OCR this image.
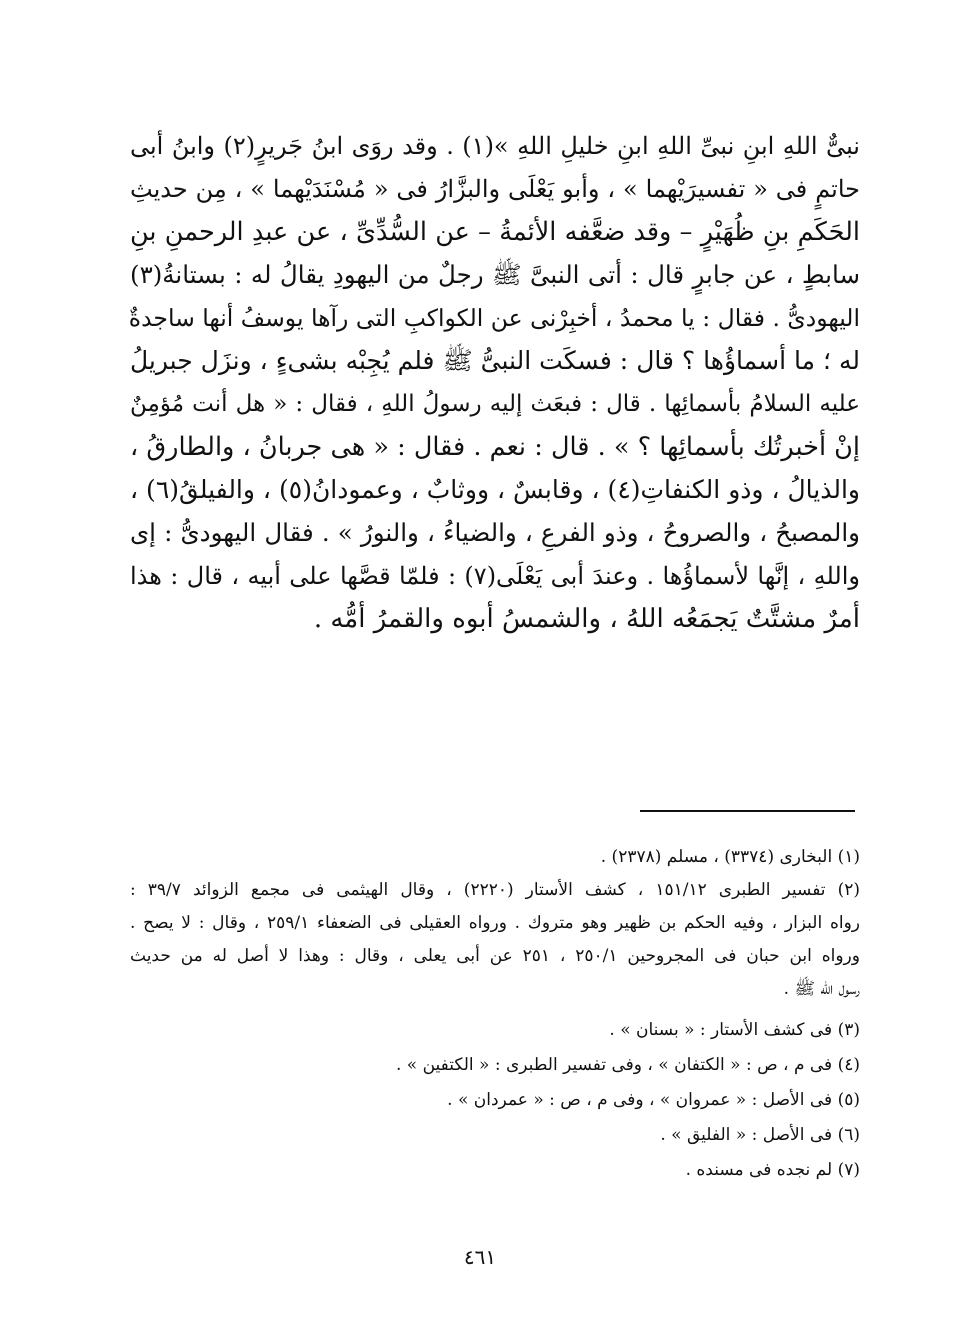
نبىٌّ اللهِ ابنِ نبىِّ اللهِ ابنِ خليلِ اللهِ »(١) . وقد روَى ابنُ جَريرٍ(٢) وابنُ أبى
حاتمٍ فى « تفسيرَيْهما » ، وأبو يَعْلَى والبزَّارُ فى « مُسْنَدَيْهما » ، مِن حديثِ
الحَكَمِ بنِ ظُهَيْرٍ – وقد ضعَّفه الأئمةُ – عن السُّدِّىِّ ، عن عبدِ الرحمنِ بنِ
سابطٍ ، عن جابرٍ قال : أتى النبىَّ ﷺ رجلٌ من اليهودِ يقالُ له : بستانةُ(٣)
اليهودىُّ . فقال : يا محمدُ ، أخبِرْنى عن الكواكبِ التى رآها يوسفُ أنها ساجدةٌ
له ؛ ما أسماؤُها ؟ قال : فسكَت النبىُّ ﷺ فلم يُجِبْه بشىءٍ ، ونزَل جبريلُ
عليه السلامُ بأسمائِها . قال : فبعَث إليه رسولُ اللهِ ، فقال : « هل أنت مُؤمِنٌ
إنْ أخبرتُك بأسمائِها ؟ » . قال : نعم . فقال : « هى جربانُ ، والطارقُ ،
والذيالُ ، وذو الكنفاتِ(٤) ، وقابسٌ ، ووثابٌ ، وعمودانُ(٥) ، والفيلقُ(٦) ،
والمصبحُ ، والصروحُ ، وذو الفرعِ ، والضياءُ ، والنورُ » . فقال اليهودىُّ : إى
واللهِ ، إنَّها لأسماؤُها . وعندَ أبى يَعْلَى(٧) : فلمّا قصَّها على أبيه ، قال : هذا
أمرٌ مشتَّتٌ يَجمَعُه اللهُ ، والشمسُ أبوه والقمرُ أمُّه .
(١) البخارى (٣٣٧٤) ، مسلم (٢٣٧٨) .
(٢) تفسير الطبرى ١٥١/١٢ ، كشف الأستار (٢٢٢٠) ، وقال الهيثمى فى مجمع الزوائد ٣٩/٧ :
رواه البزار ، وفيه الحكم بن ظهير وهو متروك . ورواه العقيلى فى الضعفاء ٢٥٩/١ ، وقال : لا يصح .
ورواه ابن حبان فى المجروحين ٢٥٠/١ ، ٢٥١ عن أبى يعلى ، وقال : وهذا لا أصل له من حديث
رسول الله ﷺ .
(٣) فى كشف الأستار : « بسنان » .
(٤) فى م ، ص : « الكتفان » ، وفى تفسير الطبرى : « الكتفين » .
(٥) فى الأصل : « عمروان » ، وفى م ، ص : « عمردان » .
(٦) فى الأصل : « الفليق » .
(٧) لم نجده فى مسنده .
٤٦١
